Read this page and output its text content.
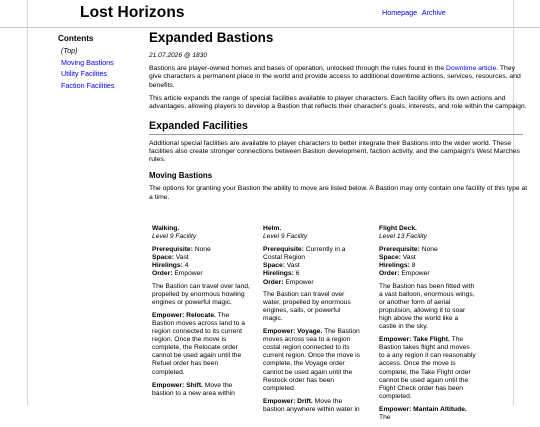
Lost Horizons	Homepage Archive
Contents
(Top)
Moving Bastions
Utility Facilites
Faction Facilities
Expanded Bastions
21.07.2026 @ 1830

Bastions are player-owned homes and bases of operation, unlocked through the rules found in the Downtime article. They give characters a permanent place in the world and provide access to additional downtime actions, services, resources, and benefits.

This article expands the range of special facilities available to player characters. Each facility offers its own actions and advantages, allowing players to develop a Bastion that reflects their character's goals, interests, and role within the campaign.

Expanded Facilities

Additional special facilities are available to player characters to better integrate their Bastions into the wider world. These facilities also create stronger connections between Bastion development, faction activity, and the campaign's West Marches rules.

Moving Bastions

The options for granting your Bastion the ability to move are listed below. A Bastion may only contain one facility of this type at a time.

Walking.
Level 9 Facility
Prerequisite: None
Space: Vast
Hirelings: 4
Order: Empower

The Bastion can travel over land, propelled by enormous howling engines or powerful magic.

Empower: Relocate. The Bastion moves across land to a region connected to its current region. Once the move is complete, the Relocate order cannot be used again until the Refuel order has been completed.

Empower: Shift. Move the bastion to a new area within

Helm.
Level 9 Facility
Prerequisite: Currently in a Costal Region
Space: Vast
Hirelings: 6
Order: Empower

The Bastion can travel over water, propelled by enormous engines, sails, or powerful magic.

Empower: Voyage. The Bastion moves across sea to a region costal region connected to its current region. Once the move is complete, the Voyage order cannot be used again until the Restock order has been completed.

Empower: Drift. Move the bastion anywhere within water in

Flight Deck.
Level 13 Facility
Prerequisite: None
Space: Vast
Hirelings: 8
Order: Empower

The Bastion has been fitted with a vast balloon, enormous wings, or another form of aerial propulsion, allowing it to soar high above the world like a castle in the sky.

Empower: Take Flight. The Bastion takes flight and moves to a any region it can reasonably access. Once the move is complete, the Take Flight order cannot be used again until the Flight Check order has been completed.

Empower: Mantain Altitude. The
